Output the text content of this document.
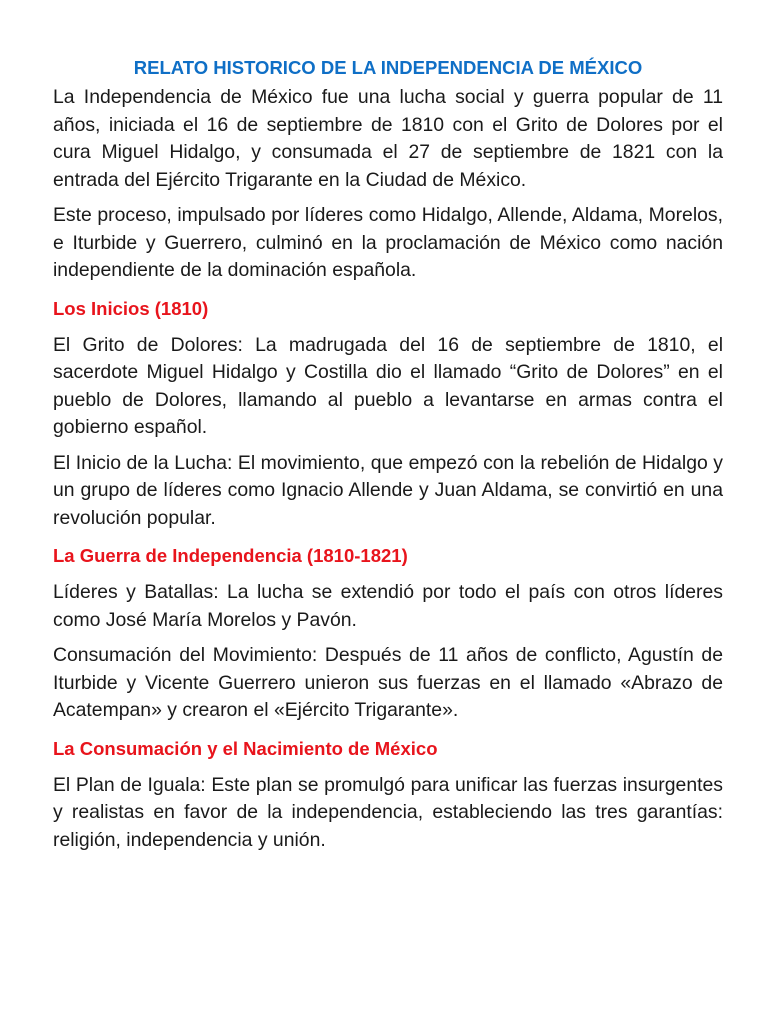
RELATO HISTORICO DE LA INDEPENDENCIA DE MÉXICO

La Independencia de México fue una lucha social y guerra popular de 11 años, iniciada el 16 de septiembre de 1810 con el Grito de Dolores por el cura Miguel Hidalgo, y consumada el 27 de septiembre de 1821 con la entrada del Ejército Trigarante en la Ciudad de México.

Este proceso, impulsado por líderes como Hidalgo, Allende, Aldama, Morelos, e Iturbide y Guerrero, culminó en la proclamación de México como nación independiente de la dominación española.

Los Inicios (1810)

El Grito de Dolores: La madrugada del 16 de septiembre de 1810, el sacerdote Miguel Hidalgo y Costilla dio el llamado “Grito de Dolores” en el pueblo de Dolores, llamando al pueblo a levantarse en armas contra el gobierno español.

El Inicio de la Lucha: El movimiento, que empezó con la rebelión de Hidalgo y un grupo de líderes como Ignacio Allende y Juan Aldama, se convirtió en una revolución popular.

La Guerra de Independencia (1810-1821)

Líderes y Batallas: La lucha se extendió por todo el país con otros líderes como José María Morelos y Pavón.

Consumación del Movimiento: Después de 11 años de conflicto, Agustín de Iturbide y Vicente Guerrero unieron sus fuerzas en el llamado «Abrazo de Acatempan» y crearon el «Ejército Trigarante».

La Consumación y el Nacimiento de México

El Plan de Iguala: Este plan se promulgó para unificar las fuerzas insurgentes y realistas en favor de la independencia, estableciendo las tres garantías: religión, independencia y unión.
